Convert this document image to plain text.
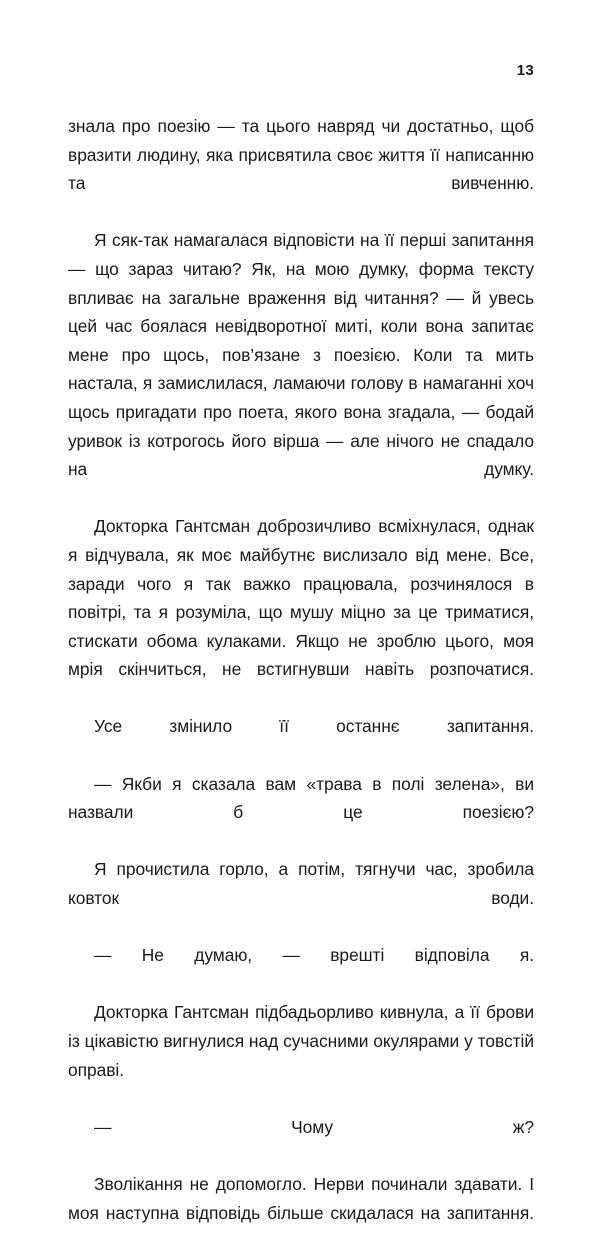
13

знала про поезію — та цього навряд чи достатньо, щоб вразити людину, яка присвятила своє життя її написанню та вивченню.

Я сяк-так намагалася відповісти на її перші запитання — що зараз читаю? Як, на мою думку, форма тексту впливає на загальне враження від читання? — й увесь цей час боялася невідворотної миті, коли вона запитає мене про щось, пов’язане з поезією. Коли та мить настала, я замислилася, ламаючи голову в намаганні хоч щось пригадати про поета, якого вона згадала, — бодай уривок із котрогось його вірша — але нічого не спадало на думку.

Докторка Гантсман доброзичливо всміхнулася, однак я відчувала, як моє майбутнє вислизало від мене. Все, заради чого я так важко працювала, розчинялося в повітрі, та я розуміла, що мушу міцно за це триматися, стискати обома кулаками. Якщо не зроблю цього, моя мрія скінчиться, не встигнувши навіть розпочатися.

Усе змінило її останнє запитання.

— Якби я сказала вам «трава в полі зелена», ви назвали б це поезією?

Я прочистила горло, а потім, тягнучи час, зробила ковток води.

— Не думаю, — врешті відповіла я.

Докторка Гантсман підбадьорливо кивнула, а її брови із цікавістю вигнулися над сучасними окулярами у товстій оправі.

— Чому ж?

Зволікання не допомогло. Нерви починали здавати. І моя наступна відповідь більше скидалася на запитання.
